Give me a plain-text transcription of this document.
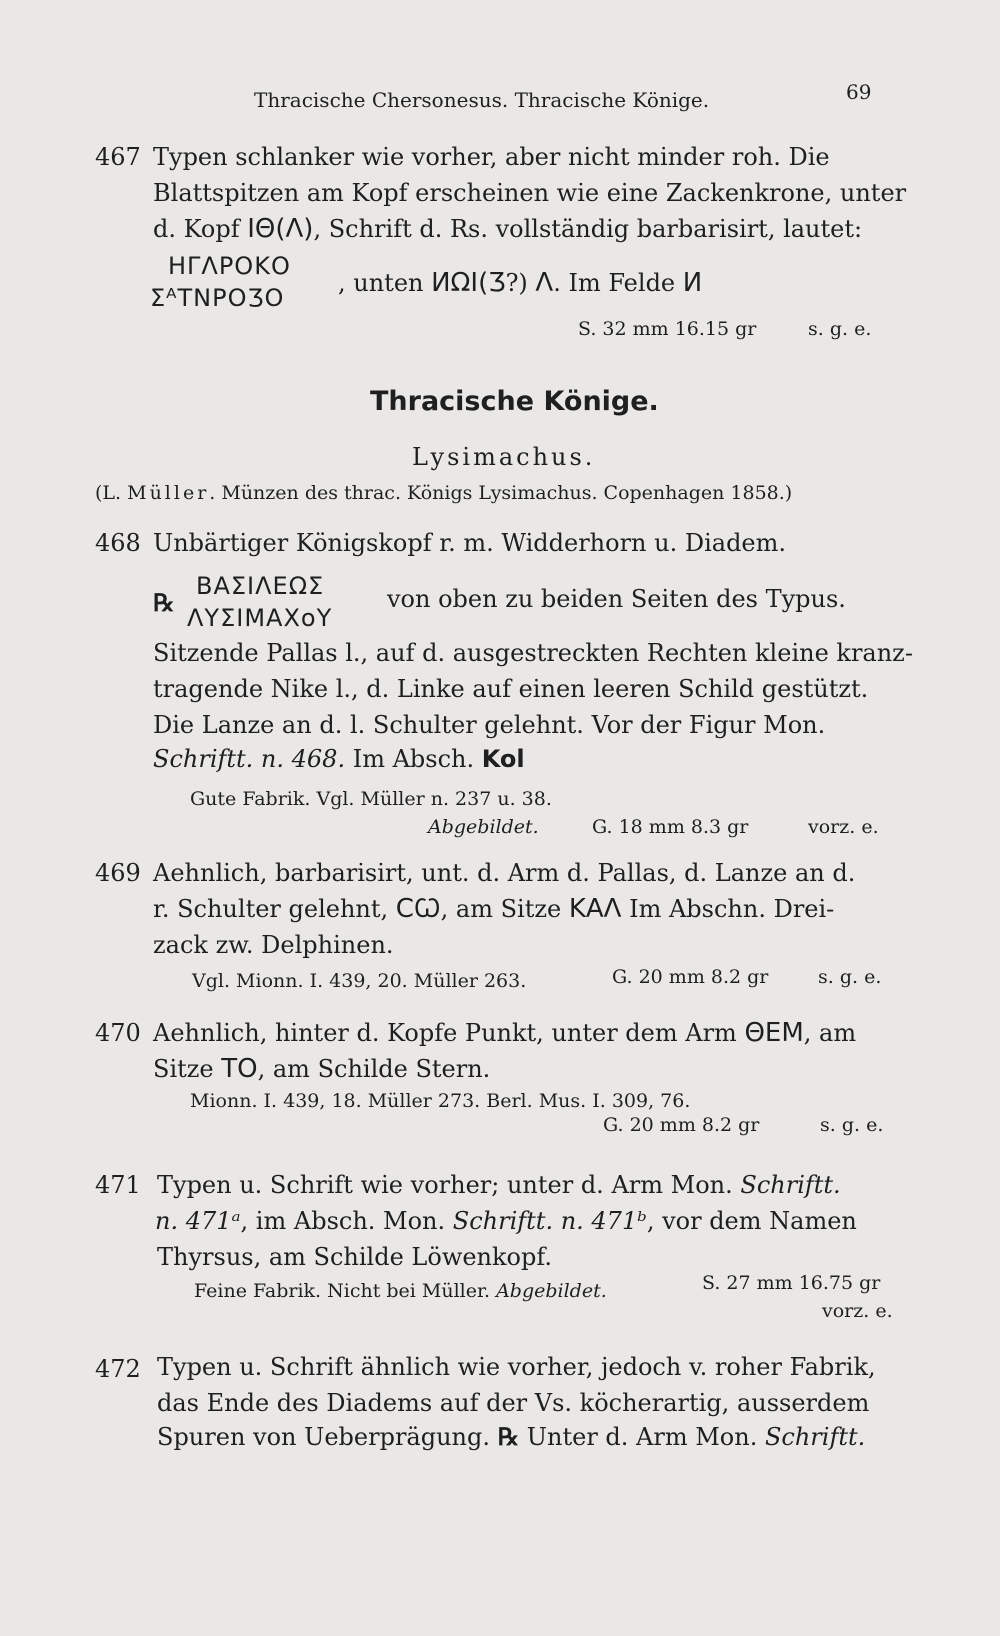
Thracische Chersonesus. Thracische Könige.	69
467 Typen schlanker wie vorher, aber nicht minder roh. Die
Blattspitzen am Kopf erscheinen wie eine Zackenkrone, unter
d. Kopf IΘ(Λ), Schrift d. Rs. vollständig barbarisirt, lautet:
HΓΛΡΟΚΟ
ΣᴬTNPOƷO
, unten ИΩI(Ʒ?) Λ. Im Felde И
S. 32 mm 16.15 gr	s. g. e.
Thracische Könige.
Lysimachus.
(L. Müller. Münzen des thrac. Königs Lysimachus. Copenhagen 1858.)
468 Unbärtiger Königskopf r. m. Widderhorn u. Diadem.
℞
ΒΑΣΙΛΕΩΣ
ΛΥΣΙΜΑΧoΥ
von oben zu beiden Seiten des Typus.
Sitzende Pallas l., auf d. ausgestreckten Rechten kleine kranz-
tragende Nike l., d. Linke auf einen leeren Schild gestützt.
Die Lanze an d. l. Schulter gelehnt. Vor der Figur Mon.
Schriftt. n. 468. Im Absch. Kol
Gute Fabrik. Vgl. Müller n. 237 u. 38.
Abgebildet.	G. 18 mm 8.3 gr	vorz. e.
469 Aehnlich, barbarisirt, unt. d. Arm d. Pallas, d. Lanze an d.
r. Schulter gelehnt, CꞶ, am Sitze KΑΛ Im Abschn. Drei-
zack zw. Delphinen.
Vgl. Mionn. I. 439, 20. Müller 263.	G. 20 mm 8.2 gr	s. g. e.
470 Aehnlich, hinter d. Kopfe Punkt, unter dem Arm ΘΕΜ, am
Sitze TO, am Schilde Stern.
Mionn. I. 439, 18. Müller 273. Berl. Mus. I. 309, 76.
G. 20 mm 8.2 gr	s. g. e.
471 Typen u. Schrift wie vorher; unter d. Arm Mon. Schriftt.
n. 471ᵃ, im Absch. Mon. Schriftt. n. 471ᵇ, vor dem Namen
Thyrsus, am Schilde Löwenkopf.
Feine Fabrik. Nicht bei Müller. Abgebildet.	S. 27 mm 16.75 gr
vorz. e.
472 Typen u. Schrift ähnlich wie vorher, jedoch v. roher Fabrik,
das Ende des Diadems auf der Vs. köcherartig, ausserdem
Spuren von Ueberprägung. ℞ Unter d. Arm Mon. Schriftt.
